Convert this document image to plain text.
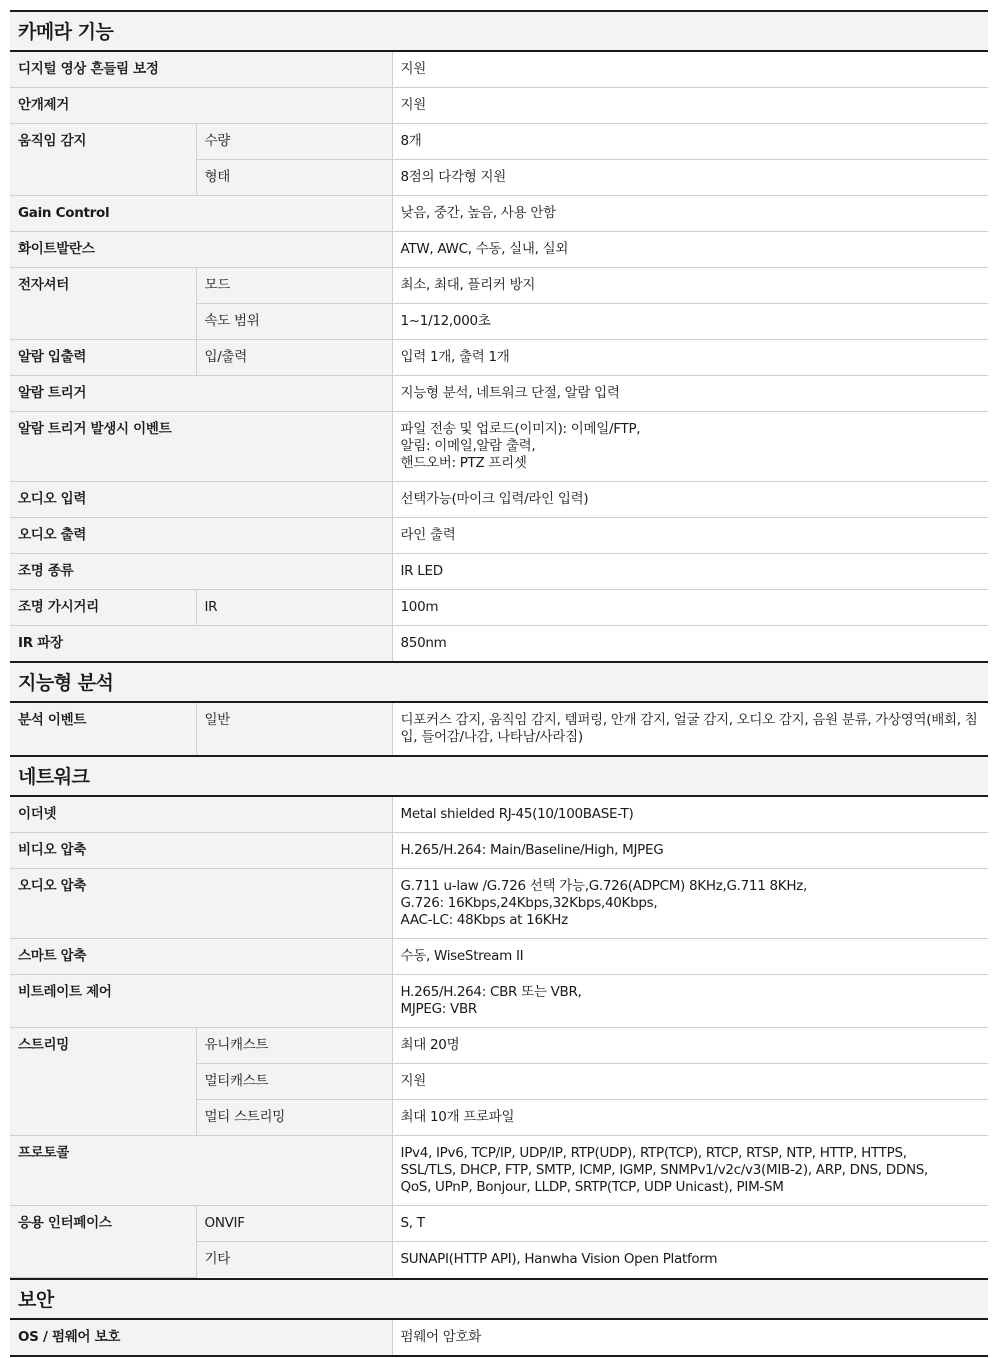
카메라 기능
디지털 영상 흔들림 보정		지원
안개제거		지원
움직임 감지	수량	8개
	형태	8점의 다각형 지원
Gain Control		낮음, 중간, 높음, 사용 안함
화이트발란스		ATW, AWC, 수동, 실내, 실외
전자셔터	모드	최소, 최대, 플리커 방지
	속도 범위	1~1/12,000초
알람 입출력	입/출력	입력 1개, 출력 1개
알람 트리거		지능형 분석, 네트워크 단절, 알람 입력
알람 트리거 발생시 이벤트		파일 전송 및 업로드(이미지): 이메일/FTP,
알림: 이메일,알람 출력,
핸드오버: PTZ 프리셋
오디오 입력		선택가능(마이크 입력/라인 입력)
오디오 출력		라인 출력
조명 종류		IR LED
조명 가시거리	IR	100m
IR 파장		850nm
지능형 분석
분석 이벤트	일반	디포커스 감지, 움직임 감지, 템퍼링, 안개 감지, 얼굴 감지, 오디오 감지, 음원 분류, 가상영역(배회, 침
입, 들어감/나감, 나타남/사라짐)
네트워크
이더넷		Metal shielded RJ-45(10/100BASE-T)
비디오 압축		H.265/H.264: Main/Baseline/High, MJPEG
오디오 압축		G.711 u-law /G.726 선택 가능,G.726(ADPCM) 8KHz,G.711 8KHz,
G.726: 16Kbps,24Kbps,32Kbps,40Kbps,
AAC-LC: 48Kbps at 16KHz
스마트 압축		수동, WiseStream II
비트레이트 제어		H.265/H.264: CBR 또는 VBR,
MJPEG: VBR
스트리밍	유니캐스트	최대 20명
	멀티캐스트	지원
	멀티 스트리밍	최대 10개 프로파일
프로토콜		IPv4, IPv6, TCP/IP, UDP/IP, RTP(UDP), RTP(TCP), RTCP, RTSP, NTP, HTTP, HTTPS,
SSL/TLS, DHCP, FTP, SMTP, ICMP, IGMP, SNMPv1/v2c/v3(MIB-2), ARP, DNS, DDNS,
QoS, UPnP, Bonjour, LLDP, SRTP(TCP, UDP Unicast), PIM-SM
응용 인터페이스	ONVIF	S, T
	기타	SUNAPI(HTTP API), Hanwha Vision Open Platform
보안
OS / 펌웨어 보호	펌웨어 암호화
